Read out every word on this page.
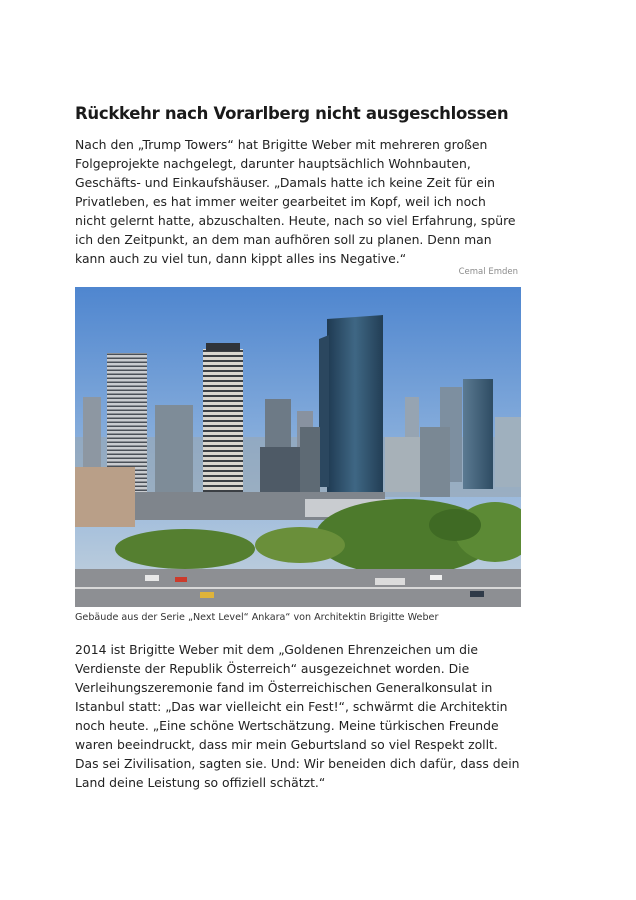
Rückkehr nach Vorarlberg nicht ausgeschlossen
Nach den „Trump Towers“ hat Brigitte Weber mit mehreren großen
Folgeprojekte nachgelegt, darunter hauptsächlich Wohnbauten,
Geschäfts- und Einkaufshäuser. „Damals hatte ich keine Zeit für ein
Privatleben, es hat immer weiter gearbeitet im Kopf, weil ich noch
nicht gelernt hatte, abzuschalten. Heute, nach so viel Erfahrung, spüre
ich den Zeitpunkt, an dem man aufhören soll zu planen. Denn man
kann auch zu viel tun, dann kippt alles ins Negative.“
Cemal Emden
Gebäude aus der Serie „Next Level“ Ankara“ von Architektin Brigitte Weber
2014 ist Brigitte Weber mit dem „Goldenen Ehrenzeichen um die
Verdienste der Republik Österreich“ ausgezeichnet worden. Die
Verleihungszeremonie fand im Österreichischen Generalkonsulat in
Istanbul statt: „Das war vielleicht ein Fest!“, schwärmt die Architektin
noch heute. „Eine schöne Wertschätzung. Meine türkischen Freunde
waren beeindruckt, dass mir mein Geburtsland so viel Respekt zollt.
Das sei Zivilisation, sagten sie. Und: Wir beneiden dich dafür, dass dein
Land deine Leistung so offiziell schätzt.“
